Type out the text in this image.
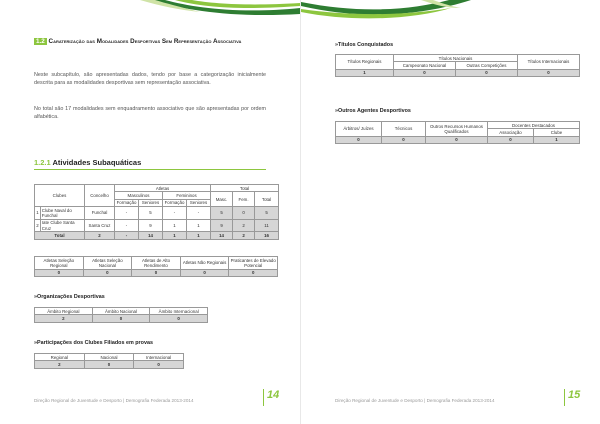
1.2 Caraterização das Modalidades Desportivas Sem Representação Associativa

Neste subcapítulo, são apresentadas dados, tendo por base a categorização inicialmente descrita para as modalidades desportivas sem representação associativa.

No total são 17 modalidades sem enquadramento associativo que são apresentadas por ordem alfabética.

1.2.1 Atividades Subaquáticas
Clubes		Concelho	Atletas				Total		
			Masculinos		Femininos		Masc.	Fem.	Total
			Formação	Seniores	Formação	Seniores			
1	Clube Naval do Funchal	Funchal	-	5	-	-	5	0	5
2	Iate Clube Santa Cruz	Santa Cruz	-	9	1	1	9	2	11
Total		2	-	14	1	1	14	2	16
Atletas Seleção Regional	Atletas Seleção Nacional	Atletas de Alto Rendimento	Atletas Não Regionais	Praticantes de Elevado Potencial
0	0	0	0	0
»Organizações Desportivas
Âmbito Regional	Âmbito Nacional	Âmbito Internacional
2	0	0
»Participações dos Clubes Filiados em provas
Regional	Nacional	Internacional
2	0	0
Direção Regional de Juventude e Desporto | Demografia Federada 2013-2014	14
»Títulos Conquistados
Títulos Regionais	Títulos Nacionais		Títulos Internacionais
	Campeonato Nacional	Outras Competições	
1	0	0	0
»Outros Agentes Desportivos
Árbitros/ Juízes	Técnicos	Outros Recursos Humanos Qualificados	Docentes Destacados	
			Associação	Clube
0	0	0	0	1
Direção Regional de Juventude e Desporto | Demografia Federada 2013-2014	15
